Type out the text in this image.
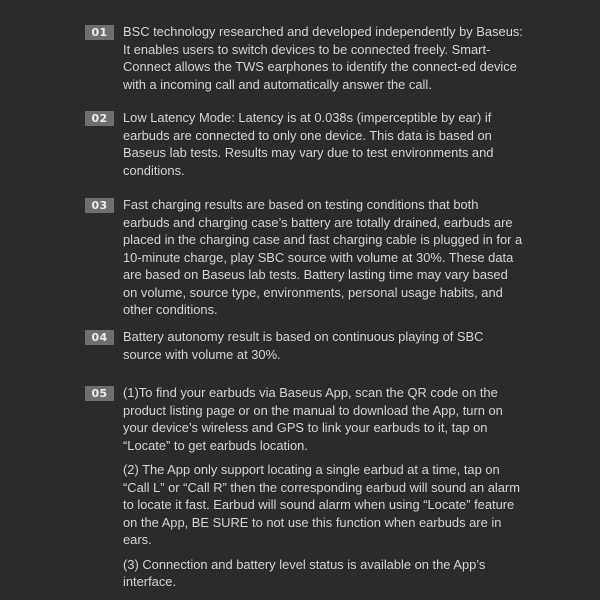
01	BSC technology researched and developed independently by Baseus: It enables users to switch devices to be connected freely. Smart-Connect allows the TWS earphones to identify the connect-ed device with a incoming call and automatically answer the call.

02	Low Latency Mode: Latency is at 0.038s (imperceptible by ear) if earbuds are connected to only one device. This data is based on Baseus lab tests. Results may vary due to test environments and conditions.

03	Fast charging results are based on testing conditions that both earbuds and charging case’s battery are totally drained, earbuds are placed in the charging case and fast charging cable is plugged in for a 10-minute charge, play SBC source with volume at 30%. These data are based on Baseus lab tests. Battery lasting time may vary based on volume, source type, environments, personal usage habits, and other conditions.

04	Battery autonomy result is based on continuous playing of SBC source with volume at 30%.

05	(1)To find your earbuds via Baseus App, scan the QR code on the product listing page or on the manual to download the App, turn on your device’s wireless and GPS to link your earbuds to it, tap on “Locate” to get earbuds location.

(2) The App only support locating a single earbud at a time, tap on “Call L” or “Call R” then the corresponding earbud will sound an alarm to locate it fast. Earbud will sound alarm when using “Locate” feature on the App, BE SURE to not use this function when earbuds are in ears.

(3) Connection and battery level status is available on the App’s interface.
